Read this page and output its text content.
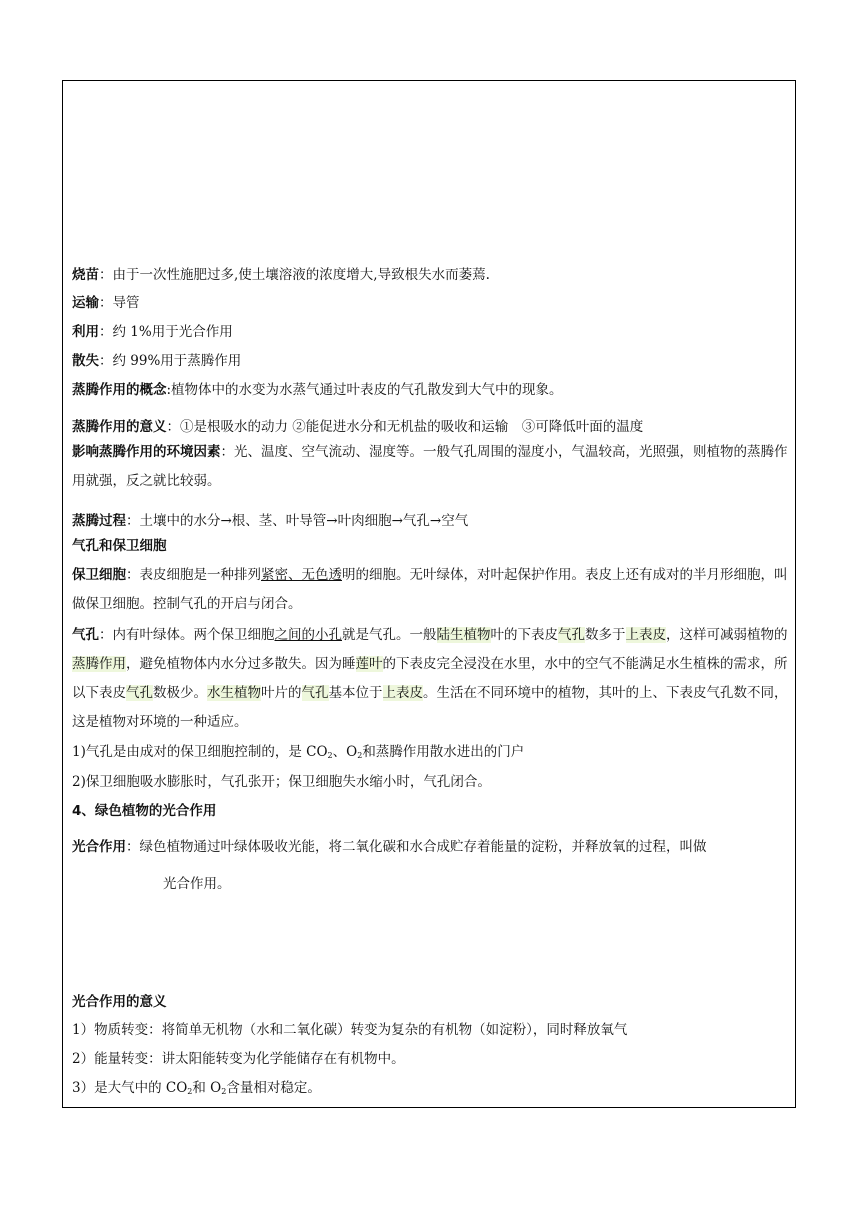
烧苗：由于一次性施肥过多,使土壤溶液的浓度增大,导致根失水而萎蔫.
运输：导管
利用：约 1%用于光合作用
散失：约 99%用于蒸腾作用
蒸腾作用的概念:植物体中的水变为水蒸气通过叶表皮的气孔散发到大气中的现象。
蒸腾作用的意义：①是根吸水的动力 ②能促进水分和无机盐的吸收和运输　③可降低叶面的温度
影响蒸腾作用的环境因素：光、温度、空气流动、湿度等。一般气孔周围的湿度小，气温较高，光照强，则植物的蒸腾作用就强，反之就比较弱。
蒸腾过程：土壤中的水分→根、茎、叶导管→叶肉细胞→气孔→空气
气孔和保卫细胞
保卫细胞：表皮细胞是一种排列紧密、无色透明的细胞。无叶绿体，对叶起保护作用。表皮上还有成对的半月形细胞，叫做保卫细胞。控制气孔的开启与闭合。
气孔：内有叶绿体。两个保卫细胞之间的小孔就是气孔。一般陆生植物叶的下表皮气孔数多于上表皮，这样可减弱植物的蒸腾作用，避免植物体内水分过多散失。因为睡莲叶的下表皮完全浸没在水里，水中的空气不能满足水生植株的需求，所以下表皮气孔数极少。水生植物叶片的气孔基本位于上表皮。生活在不同环境中的植物，其叶的上、下表皮气孔数不同，这是植物对环境的一种适应。
1)气孔是由成对的保卫细胞控制的，是 $CO_2$、$O_2$和蒸腾作用散水进出的门户
2)保卫细胞吸水膨胀时，气孔张开；保卫细胞失水缩小时，气孔闭合。
4、绿色植物的光合作用
光合作用：绿色植物通过叶绿体吸收光能，将二氧化碳和水合成贮存着能量的淀粉，并释放氧的过程，叫做
光合作用。
光合作用的意义
1）物质转变：将简单无机物（水和二氧化碳）转变为复杂的有机物（如淀粉），同时释放氧气
2）能量转变：讲太阳能转变为化学能储存在有机物中。
3）是大气中的 $CO_2$和 $O_2$含量相对稳定。
